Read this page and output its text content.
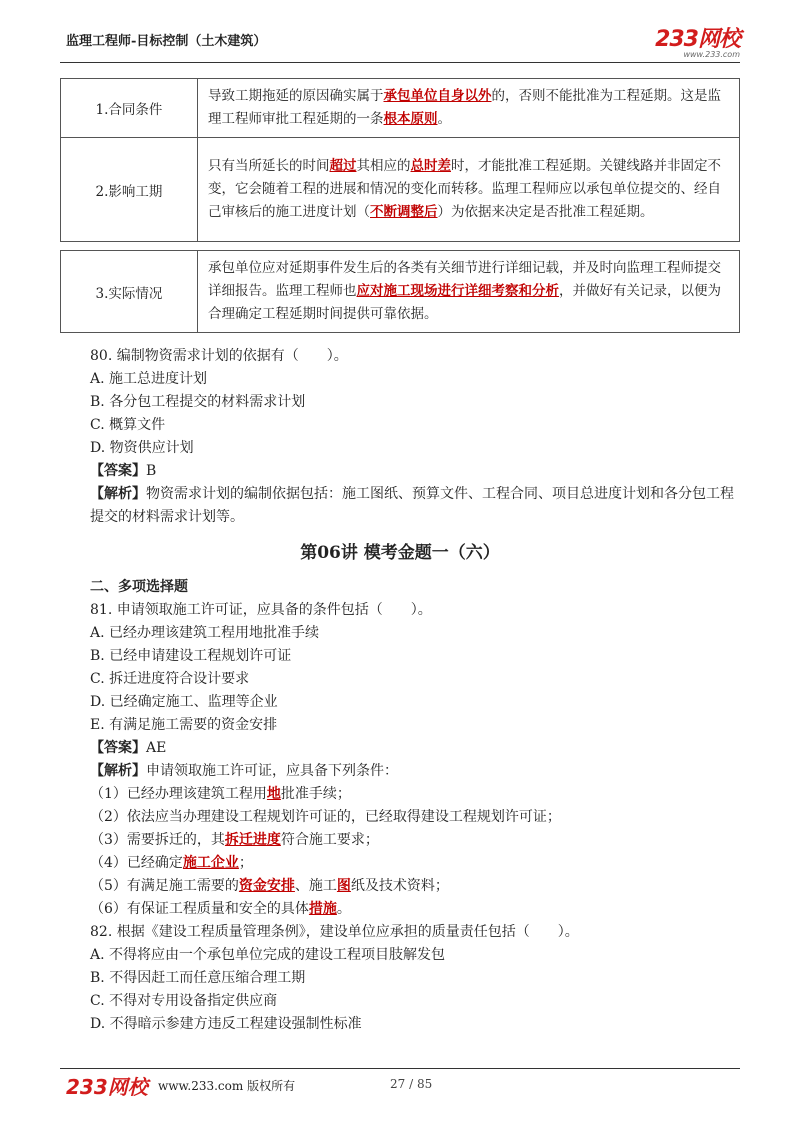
监理工程师-目标控制（土木建筑）	233网校
www.233.com
1.合同条件	导致工期拖延的原因确实属于承包单位自身以外的，否则不能批准为工程延期。这是监理工程师审批工程延期的一条根本原则。
2.影响工期	只有当所延长的时间超过其相应的总时差时，才能批准工程延期。关键线路并非固定不变，它会随着工程的进展和情况的变化而转移。监理工程师应以承包单位提交的、经自己审核后的施工进度计划（不断调整后）为依据来决定是否批准工程延期。
3.实际情况	承包单位应对延期事件发生后的各类有关细节进行详细记载，并及时向监理工程师提交详细报告。监理工程师也应对施工现场进行详细考察和分析，并做好有关记录，以便为合理确定工程延期时间提供可靠依据。
80. 编制物资需求计划的依据有（　　）。
A. 施工总进度计划
B. 各分包工程提交的材料需求计划
C. 概算文件
D. 物资供应计划
【答案】B
【解析】物资需求计划的编制依据包括：施工图纸、预算文件、工程合同、项目总进度计划和各分包工程提交的材料需求计划等。
第06讲 模考金题一（六）
二、多项选择题
81. 申请领取施工许可证，应具备的条件包括（　　）。
A. 已经办理该建筑工程用地批准手续
B. 已经申请建设工程规划许可证
C. 拆迁进度符合设计要求
D. 已经确定施工、监理等企业
E. 有满足施工需要的资金安排
【答案】AE
【解析】申请领取施工许可证，应具备下列条件：
（1）已经办理该建筑工程用地批准手续；
（2）依法应当办理建设工程规划许可证的，已经取得建设工程规划许可证；
（3）需要拆迁的，其拆迁进度符合施工要求；
（4）已经确定施工企业；
（5）有满足施工需要的资金安排、施工图纸及技术资料；
（6）有保证工程质量和安全的具体措施。
82. 根据《建设工程质量管理条例》，建设单位应承担的质量责任包括（　　）。
A. 不得将应由一个承包单位完成的建设工程项目肢解发包
B. 不得因赶工而任意压缩合理工期
C. 不得对专用设备指定供应商
D. 不得暗示参建方违反工程建设强制性标准
233网校 www.233.com 版权所有	27 / 85
